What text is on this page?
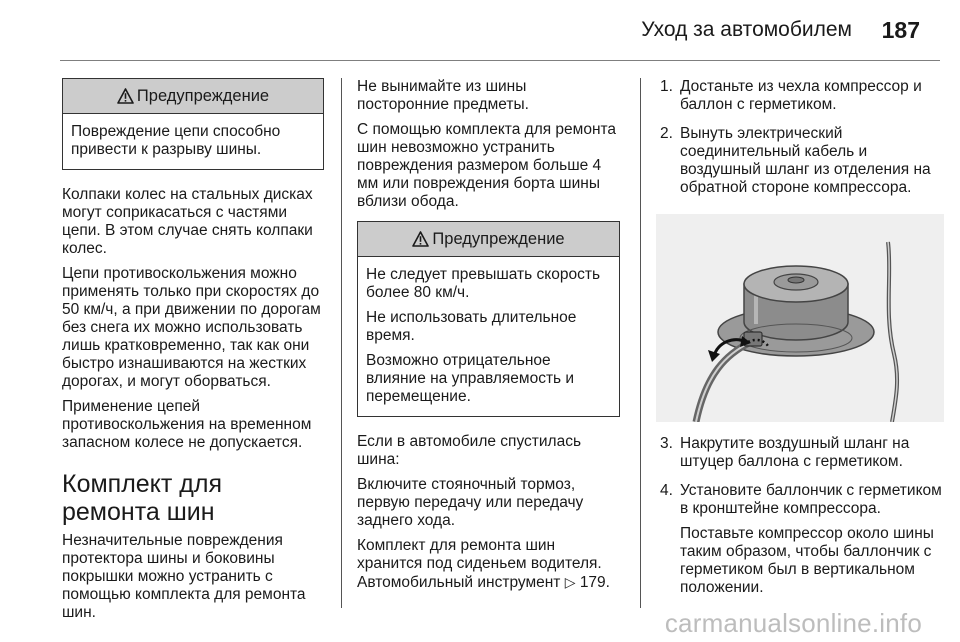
Уход за автомобилем 187
Предупреждение

Повреждение цепи способно привести к разрыву шины.

Колпаки колес на стальных дисках могут соприкасаться с частями цепи. В этом случае снять колпаки колес.

Цепи противоскольжения можно применять только при скоростях до 50 км/ч, а при движении по дорогам без снега их можно использовать лишь кратковременно, так как они быстро изнашиваются на жестких дорогах, и могут оборваться.

Применение цепей противоскольжения на временном запасном колесе не допускается.

Комплект для ремонта шин

Незначительные повреждения протектора шины и боковины покрышки можно устранить с помощью комплекта для ремонта шин.

Не вынимайте из шины посторонние предметы.

С помощью комплекта для ремонта шин невозможно устранить повреждения размером больше 4 мм или повреждения борта шины вблизи обода.

Предупреждение

Не следует превышать скорость более 80 км/ч.

Не использовать длительное время.

Возможно отрицательное влияние на управляемость и перемещение.

Если в автомобиле спустилась шина:

Включите стояночный тормоз, первую передачу или передачу заднего хода.

Комплект для ремонта шин хранится под сиденьем водителя. Автомобильный инструмент ▷ 179.

1. Достаньте из чехла компрессор и баллон с герметиком.

2. Вынуть электрический соединительный кабель и воздушный шланг из отделения на обратной стороне компрессора.

3. Накрутите воздушный шланг на штуцер баллона с герметиком.

4. Установите баллончик с герметиком в кронштейне компрессора.

Поставьте компрессор около шины таким образом, чтобы баллончик с герметиком был в вертикальном положении.

carmanualsonline.info
